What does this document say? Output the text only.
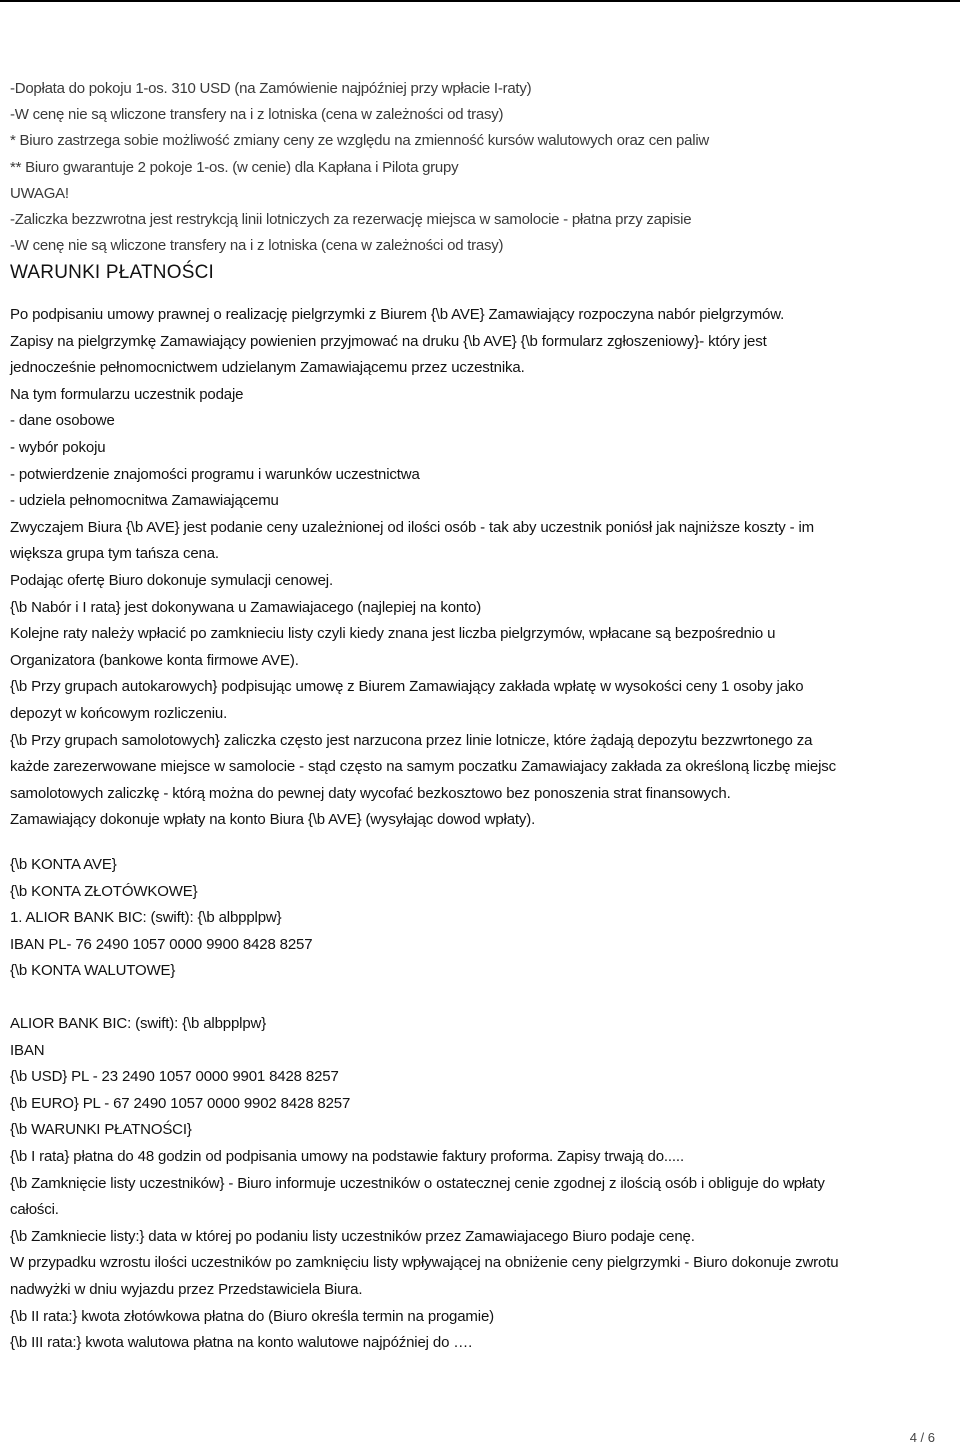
-Dopłata do pokoju 1-os. 310 USD (na Zamówienie najpóźniej przy wpłacie I-raty)
-W cenę nie są wliczone transfery na i z lotniska (cena w zależności od trasy)
* Biuro zastrzega sobie możliwość zmiany ceny ze względu na zmienność kursów walutowych oraz cen paliw
** Biuro gwarantuje 2 pokoje 1-os. (w cenie) dla Kapłana i Pilota grupy
UWAGA!
-Zaliczka bezzwrotna jest restrykcją linii lotniczych za rezerwację miejsca w samolocie - płatna przy zapisie
-W cenę nie są wliczone transfery na i z lotniska (cena w zależności od trasy)
WARUNKI PŁATNOŚCI
Po podpisaniu umowy prawnej o realizację pielgrzymki z Biurem {\b AVE} Zamawiający rozpoczyna nabór pielgrzymów.
Zapisy na pielgrzymkę Zamawiający powienien przyjmować na druku {\b AVE} {\b formularz zgłoszeniowy}- który jest
jednocześnie pełnomocnictwem udzielanym Zamawiającemu przez uczestnika.
Na tym formularzu uczestnik podaje
- dane osobowe
- wybór pokoju
- potwierdzenie znajomości programu i warunków uczestnictwa
- udziela pełnomocnitwa Zamawiającemu
Zwyczajem Biura {\b AVE} jest podanie ceny uzależnionej od ilości osób - tak aby uczestnik poniósł jak najniższe koszty - im
większa grupa tym tańsza cena.
Podając ofertę Biuro dokonuje symulacji cenowej.
{\b Nabór i I rata} jest dokonywana u Zamawiajacego (najlepiej na konto)
Kolejne raty należy wpłacić po zamknieciu listy czyli kiedy znana jest liczba pielgrzymów, wpłacane są bezpośrednio u
Organizatora (bankowe konta firmowe AVE).
{\b Przy grupach autokarowych} podpisując umowę z Biurem Zamawiający zakłada wpłatę w wysokości ceny 1 osoby jako
depozyt w końcowym rozliczeniu.
{\b Przy grupach samolotowych} zaliczka często jest narzucona przez linie lotnicze, które żądają depozytu bezzwrtonego za
każde zarezerwowane miejsce w samolocie - stąd często na samym poczatku Zamawiajacy zakłada za określoną liczbę miejsc
samolotowych zaliczkę - którą można do pewnej daty wycofać bezkosztowo bez ponoszenia strat finansowych.
Zamawiający dokonuje wpłaty na konto Biura {\b AVE} (wysyłając dowod wpłaty).
{\b KONTA AVE}
{\b KONTA ZŁOTÓWKOWE}
1. ALIOR BANK BIC: (swift): {\b albpplpw}
IBAN PL- 76 2490 1057 0000 9900 8428 8257
{\b KONTA WALUTOWE}
ALIOR BANK BIC: (swift): {\b albpplpw}
IBAN
{\b USD} PL - 23 2490 1057 0000 9901 8428 8257
{\b EURO} PL - 67 2490 1057 0000 9902 8428 8257
{\b WARUNKI PŁATNOŚCI}
{\b I rata} płatna do 48 godzin od podpisania umowy na podstawie faktury proforma. Zapisy trwają do.....
{\b Zamknięcie listy uczestników} - Biuro informuje uczestników o ostatecznej cenie zgodnej z ilością osób i obliguje do wpłaty
całości.
{\b Zamkniecie listy:} data w której po podaniu listy uczestników przez Zamawiajacego Biuro podaje cenę.
W przypadku wzrostu ilości uczestników po zamknięciu listy wpływającej na obniżenie ceny pielgrzymki - Biuro dokonuje zwrotu
nadwyżki w dniu wyjazdu przez Przedstawiciela Biura.
{\b II rata:} kwota złotówkowa płatna do (Biuro określa termin na progamie)
{\b III rata:} kwota walutowa płatna na konto walutowe najpóźniej do ….
4 / 6
